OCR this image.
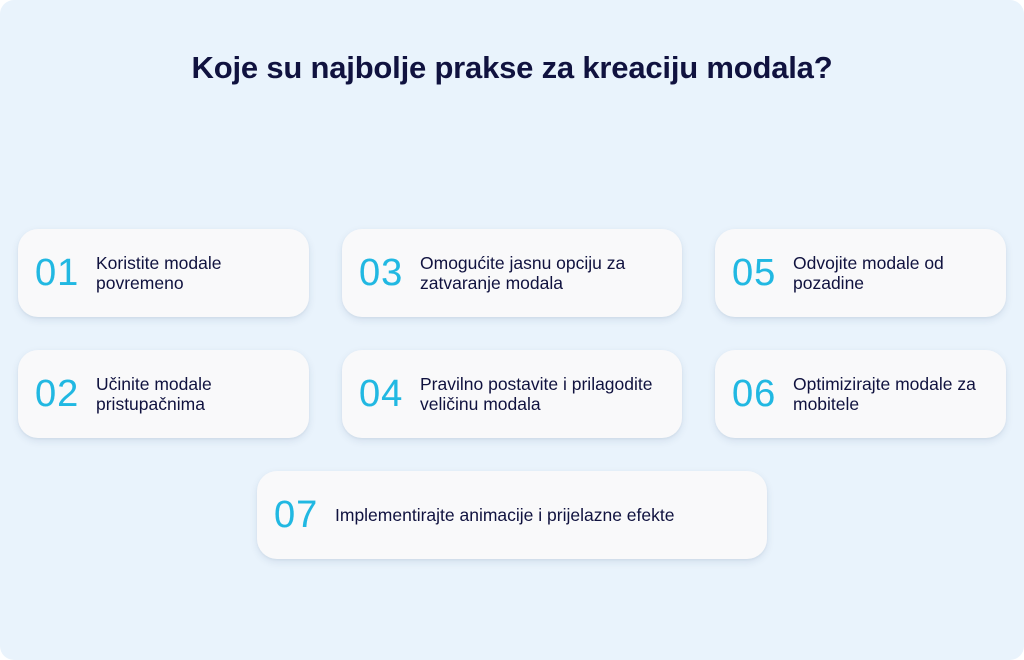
Koje su najbolje prakse za kreaciju modala?
01 Koristite modale povremeno
02 Učinite modale pristupačnima
03 Omogućite jasnu opciju za zatvaranje modala
04 Pravilno postavite i prilagodite veličinu modala
05 Odvojite modale od pozadine
06 Optimizirajte modale za mobitele
07 Implementirajte animacije i prijelazne efekte
